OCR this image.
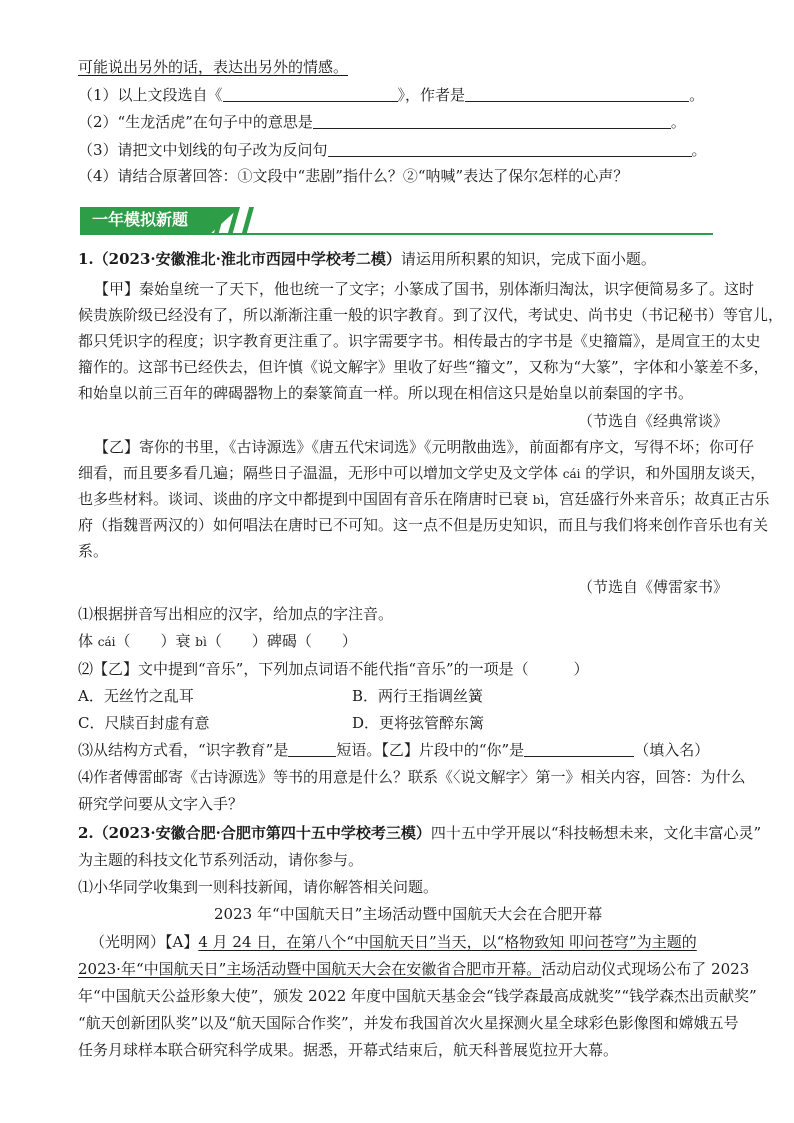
可能说出另外的话，表达出另外的情感。
（1）以上文段选自《	》，作者是	。
（2）“生龙活虎”在句子中的意思是	。
（3）请把文中划线的句子改为反问句	。
（4）请结合原著回答：①文段中“悲剧”指什么？②“呐喊”表达了保尔怎样的心声？
一年模拟新题
1.（2023·安徽淮北·淮北市西园中学校考二模）请运用所积累的知识，完成下面小题。
【甲】秦始皇统一了天下，他也统一了文字；小篆成了国书，别体渐归淘汰，识字便简易多了。这时
候贵族阶级已经没有了，所以渐渐注重一般的识字教育。到了汉代，考试史、尚书史（书记秘书）等官儿，
都只凭识字的程度；识字教育更注重了。识字需要字书。相传最古的字书是《史籀篇》，是周宣王的太史
籀作的。这部书已经佚去，但许慎《说文解字》里收了好些“籀文”，又称为“大篆”，字体和小篆差不多，
和始皇以前三百年的碑碣器物上的秦篆简直一样。所以现在相信这只是始皇以前秦国的字书。
（节选自《经典常谈》
【乙】寄你的书里，《古诗源选》《唐五代宋词选》《元明散曲选》，前面都有序文，写得不坏；你可仔
细看，而且要多看几遍；隔些日子温温，无形中可以增加文学史及文学体 cái 的学识，和外国朋友谈天，
也多些材料。谈词、谈曲的序文中都提到中国固有音乐在隋唐时已衰 bì，宫廷盛行外来音乐；故真正古乐
府（指魏晋两汉的）如何唱法在唐时已不可知。这一点不但是历史知识，而且与我们将来创作音乐也有关
系。
（节选自《傅雷家书》
⑴根据拼音写出相应的汉字，给加点的字注音。
体 cái（　　）衰 bì（　　）碑碣（　　）
⑵【乙】文中提到“音乐”，下列加点词语不能代指“音乐”的一项是（　　　）
A．无丝竹之乱耳	B．两行王指调丝簧
C．尺牍百封虚有意	D．更将弦管醉东篱
⑶从结构方式看，“识字教育”是	短语。【乙】片段中的“你”是	（填入名）
⑷作者傅雷邮寄《古诗源选》等书的用意是什么？联系《〈说文解字〉第一》相关内容，回答：为什么
研究学问要从文字入手？
2.（2023·安徽合肥·合肥市第四十五中学校考三模）四十五中学开展以“科技畅想未来，文化丰富心灵”
为主题的科技文化节系列活动，请你参与。
⑴小华同学收集到一则科技新闻，请你解答相关问题。
2023 年“中国航天日”主场活动暨中国航天大会在合肥开幕
（光明网）【A】4 月 24 日，在第八个“中国航天日”当天，以“格物致知 叩问苍穹”为主题的
2023·年“中国航天日”主场活动暨中国航天大会在安徽省合肥市开幕。活动启动仪式现场公布了 2023
年“中国航天公益形象大使”，颁发 2022 年度中国航天基金会“钱学森最高成就奖”“钱学森杰出贡献奖”
“航天创新团队奖”以及“航天国际合作奖”，并发布我国首次火星探测火星全球彩色影像图和嫦娥五号
任务月球样本联合研究科学成果。据悉，开幕式结束后，航天科普展览拉开大幕。
